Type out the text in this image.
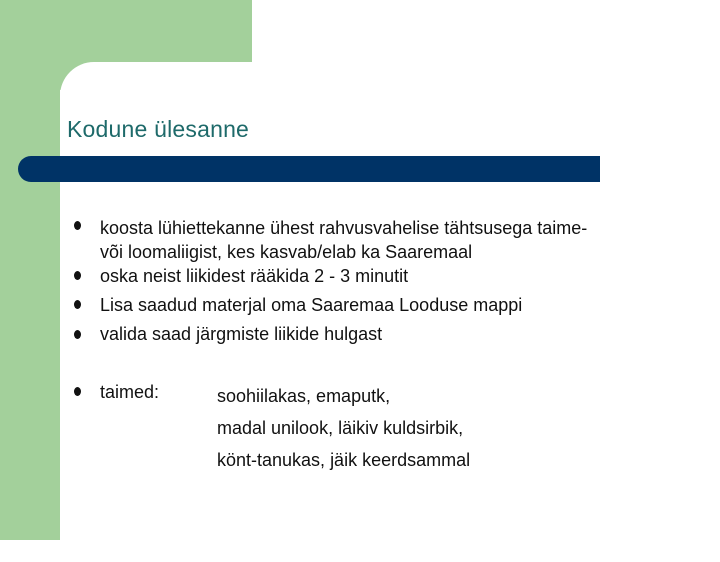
Kodune ülesanne
koosta lühiettekanne ühest rahvusvahelise tähtsusega taime-
või loomaliigist, kes kasvab/elab ka Saaremaal
oska neist liikidest rääkida 2 - 3 minutit
Lisa saadud materjal oma Saaremaa Looduse mappi
valida saad järgmiste liikide hulgast
taimed:	soohiilakas, emaputk,
madal unilook, läikiv kuldsirbik,
könt-tanukas, jäik keerdsammal
